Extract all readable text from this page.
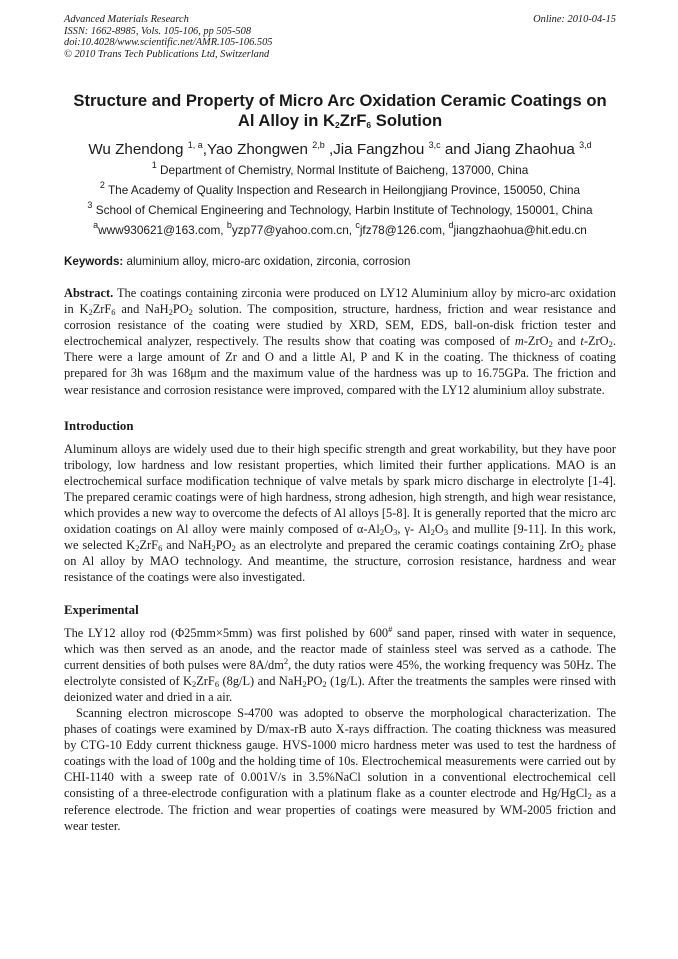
Advanced Materials Research
ISSN: 1662-8985, Vols. 105-106, pp 505-508
doi:10.4028/www.scientific.net/AMR.105-106.505
© 2010 Trans Tech Publications Ltd, Switzerland
Online: 2010-04-15
Structure and Property of Micro Arc Oxidation Ceramic Coatings on
Al Alloy in $K_2ZrF_6$ Solution
Wu Zhendong $^{1, a}$,Yao Zhongwen $^{2,b}$ ,Jia Fangzhou $^{3,c}$ and Jiang Zhaohua $^{3,d}$
$^1$ Department of Chemistry, Normal Institute of Baicheng, 137000, China
$^2$ The Academy of Quality Inspection and Research in Heilongjiang Province, 150050, China
$^3$ School of Chemical Engineering and Technology, Harbin Institute of Technology, 150001, China
$^a$www930621@163.com, $^b$yzp77@yahoo.com.cn, $^c$jfz78@126.com, $^d$jiangzhaohua@hit.edu.cn
Keywords: aluminium alloy, micro-arc oxidation, zirconia, corrosion
Abstract. The coatings containing zirconia were produced on LY12 Aluminium alloy by micro-arc oxidation in $K_2ZrF_6$ and $NaH_2PO_2$ solution. The composition, structure, hardness, friction and wear resistance and corrosion resistance of the coating were studied by XRD, SEM, EDS, ball-on-disk friction tester and electrochemical analyzer, respectively. The results show that coating was composed of m-ZrO$_2$ and t-ZrO$_2$. There were a large amount of Zr and O and a little Al, P and K in the coating. The thickness of coating prepared for 3h was 168μm and the maximum value of the hardness was up to 16.75GPa. The friction and wear resistance and corrosion resistance were improved, compared with the LY12 aluminium alloy substrate.
Introduction
Aluminum alloys are widely used due to their high specific strength and great workability, but they have poor tribology, low hardness and low resistant properties, which limited their further applications. MAO is an electrochemical surface modification technique of valve metals by spark micro discharge in electrolyte [1-4]. The prepared ceramic coatings were of high hardness, strong adhesion, high strength, and high wear resistance, which provides a new way to overcome the defects of Al alloys [5-8]. It is generally reported that the micro arc oxidation coatings on Al alloy were mainly composed of $\alpha-Al_2O_3$, γ- $Al_2O_3$ and mullite [9-11]. In this work, we selected $K_2ZrF_6$ and $NaH_2PO_2$ as an electrolyte and prepared the ceramic coatings containing ZrO$_2$ phase on Al alloy by MAO technology. And meantime, the structure, corrosion resistance, hardness and wear resistance of the coatings were also investigated.
Experimental
The LY12 alloy rod (Φ25mm×5mm) was first polished by 600# sand paper, rinsed with water in sequence, which was then served as an anode, and the reactor made of stainless steel was served as a cathode. The current densities of both pulses were $8A/dm^2$, the duty ratios were 45%, the working frequency was 50Hz. The electrolyte consisted of $K_2ZrF_6$ (8g/L) and $NaH_2PO_2$ (1g/L). After the treatments the samples were rinsed with deionized water and dried in a air.
Scanning electron microscope S-4700 was adopted to observe the morphological characterization. The phases of coatings were examined by D/max-rB auto X-rays diffraction. The coating thickness was measured by CTG-10 Eddy current thickness gauge. HVS-1000 micro hardness meter was used to test the hardness of coatings with the load of 100g and the holding time of 10s. Electrochemical measurements were carried out by CHI-1140 with a sweep rate of 0.001V/s in 3.5%NaCl solution in a conventional electrochemical cell consisting of a three-electrode configuration with a platinum flake as a counter electrode and Hg/HgCl$_2$ as a reference electrode. The friction and wear properties of coatings were measured by WM-2005 friction and wear tester.
